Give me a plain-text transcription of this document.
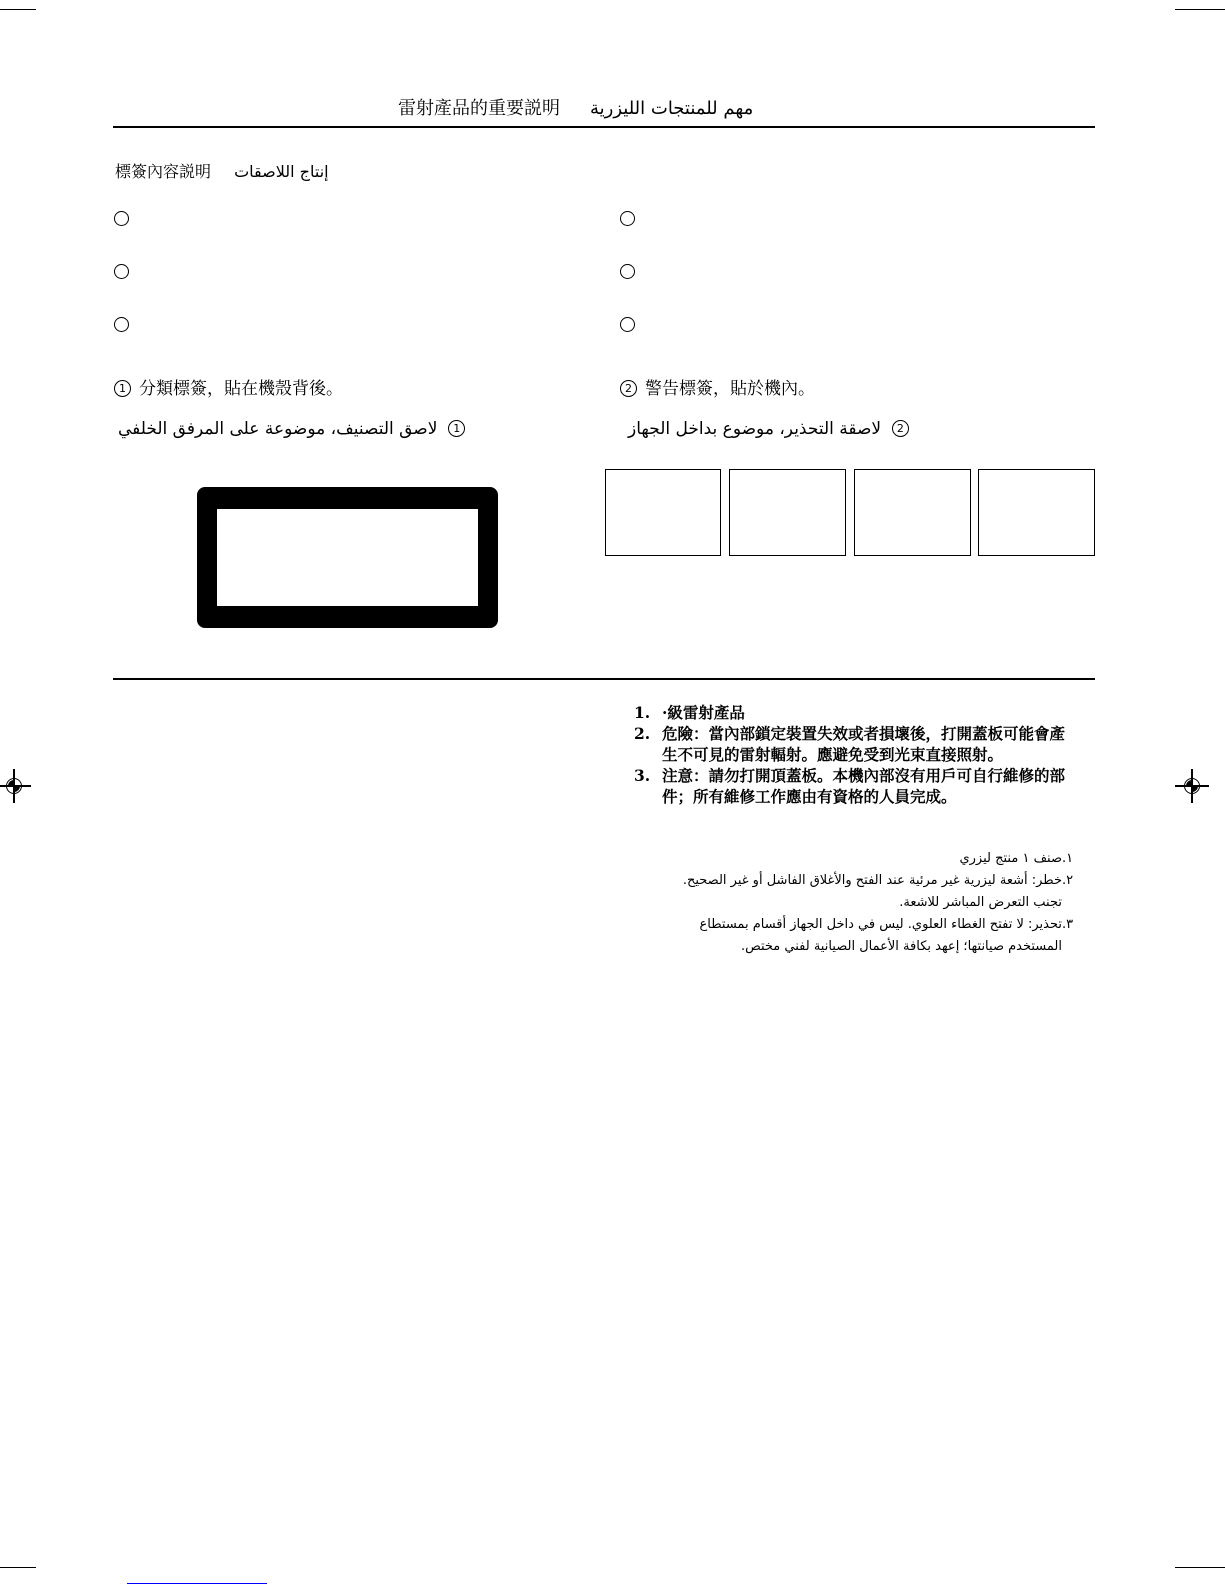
雷射產品的重要説明 مهم للمنتجات الليزرية
標簽內容説明 إنتاج اللاصقات
1 分類標簽，貼在機殼背後。
1  لاصق التصنيف، موضوعة على المرفق الخلفي
2 警告標簽，貼於機內。
2  لاصقة التحذير، موضوع بداخل الجهاز
1. ·級雷射產品
2. 危險：當內部鎖定裝置失效或者損壞後，打開蓋板可能會產
生不可見的雷射輻射。應避免受到光束直接照射。
3. 注意：請勿打開頂蓋板。本機內部沒有用戶可自行維修的部
件；所有維修工作應由有資格的人員完成。
١.صنف ١ منتج ليزري
٢.خطر: أشعة ليزرية غير مرئية عند الفتح والأغلاق الفاشل أو غير الصحيح.
تجنب التعرض المباشر للاشعة.
٣.تحذير: لا تفتح الغطاء العلوي. ليس في داخل الجهاز أقسام بمستطاع
المستخدم صيانتها؛ إعهد بكافة الأعمال الصيانية لفني مختص.
